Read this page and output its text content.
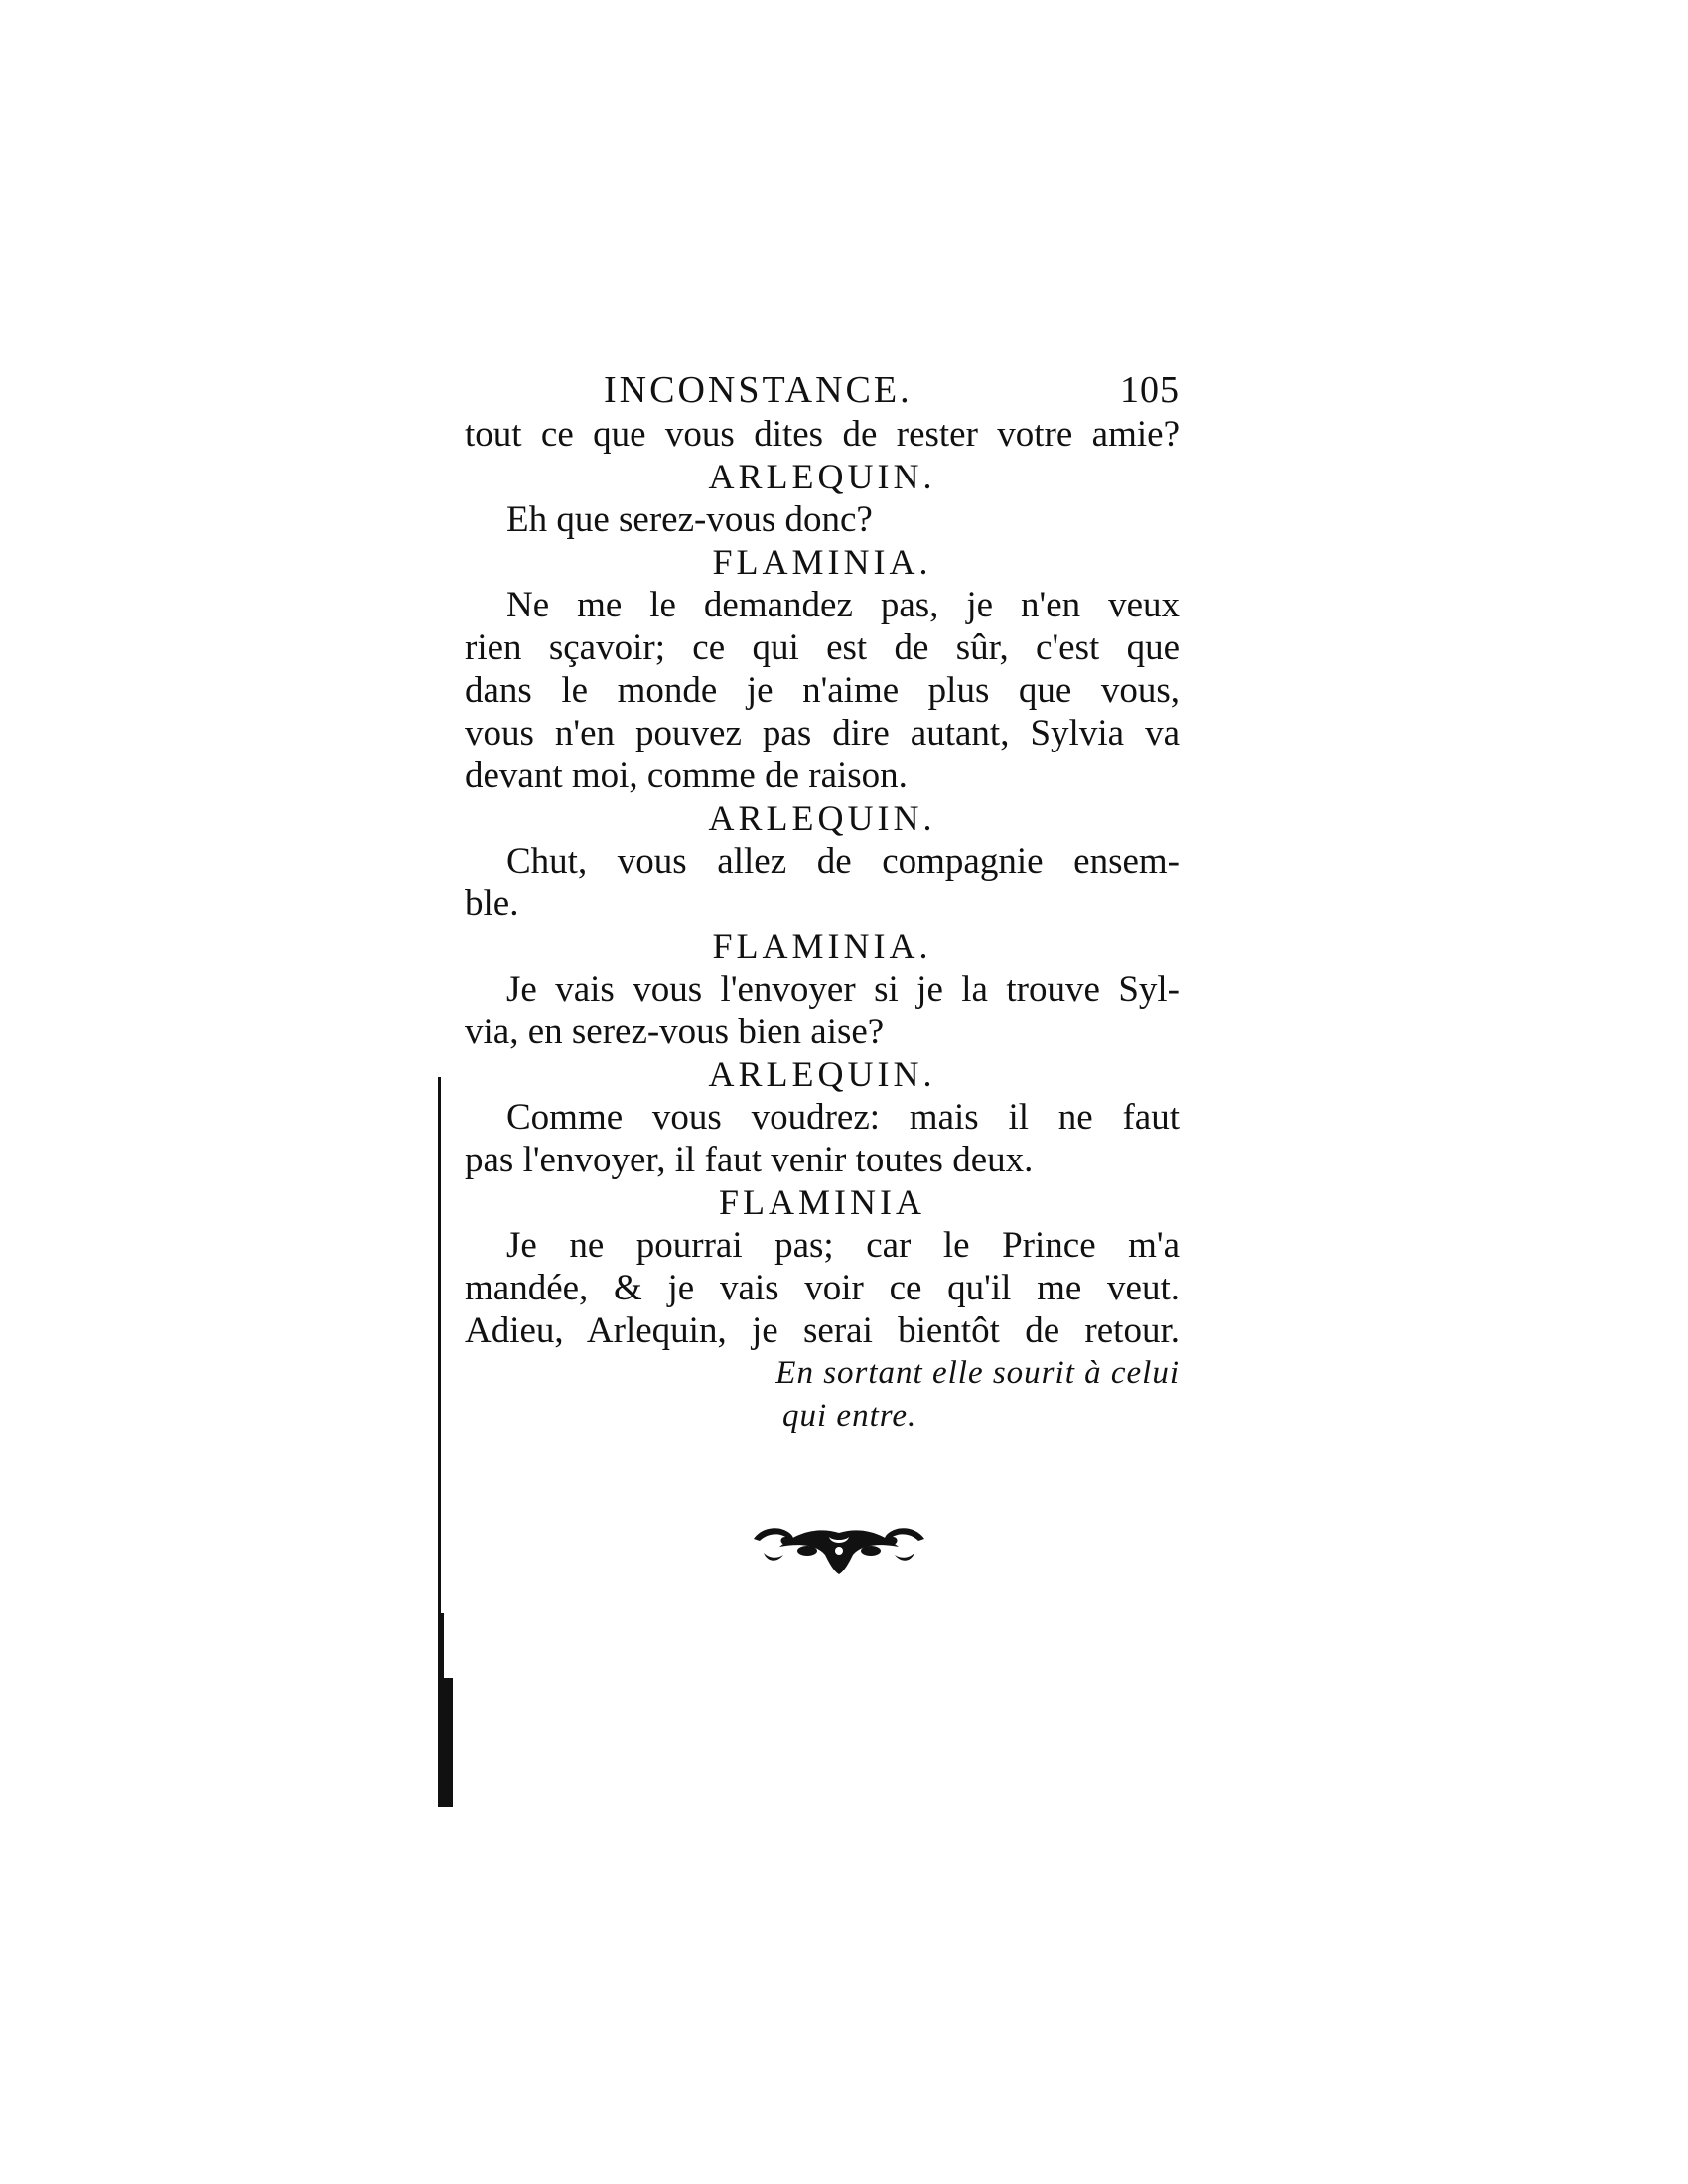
INCONSTANCE.	105
tout ce que vous dites de rester votre amie?
ARLEQUIN.
Eh que serez-vous donc?
FLAMINIA.
Ne me le demandez pas, je n'en veux
rien sçavoir; ce qui est de sûr, c'est que
dans le monde je n'aime plus que vous,
vous n'en pouvez pas dire autant, Sylvia va
devant moi, comme de raison.
ARLEQUIN.
Chut, vous allez de compagnie ensem-
ble.
FLAMINIA.
Je vais vous l'envoyer si je la trouve Syl-
via, en serez-vous bien aise?
ARLEQUIN.
Comme vous voudrez: mais il ne faut
pas l'envoyer, il faut venir toutes deux.
FLAMINIA
Je ne pourrai pas; car le Prince m'a
mandée, & je vais voir ce qu'il me veut.
Adieu, Arlequin, je serai bientôt de retour.
En sortant elle sourit à celui
qui entre.
